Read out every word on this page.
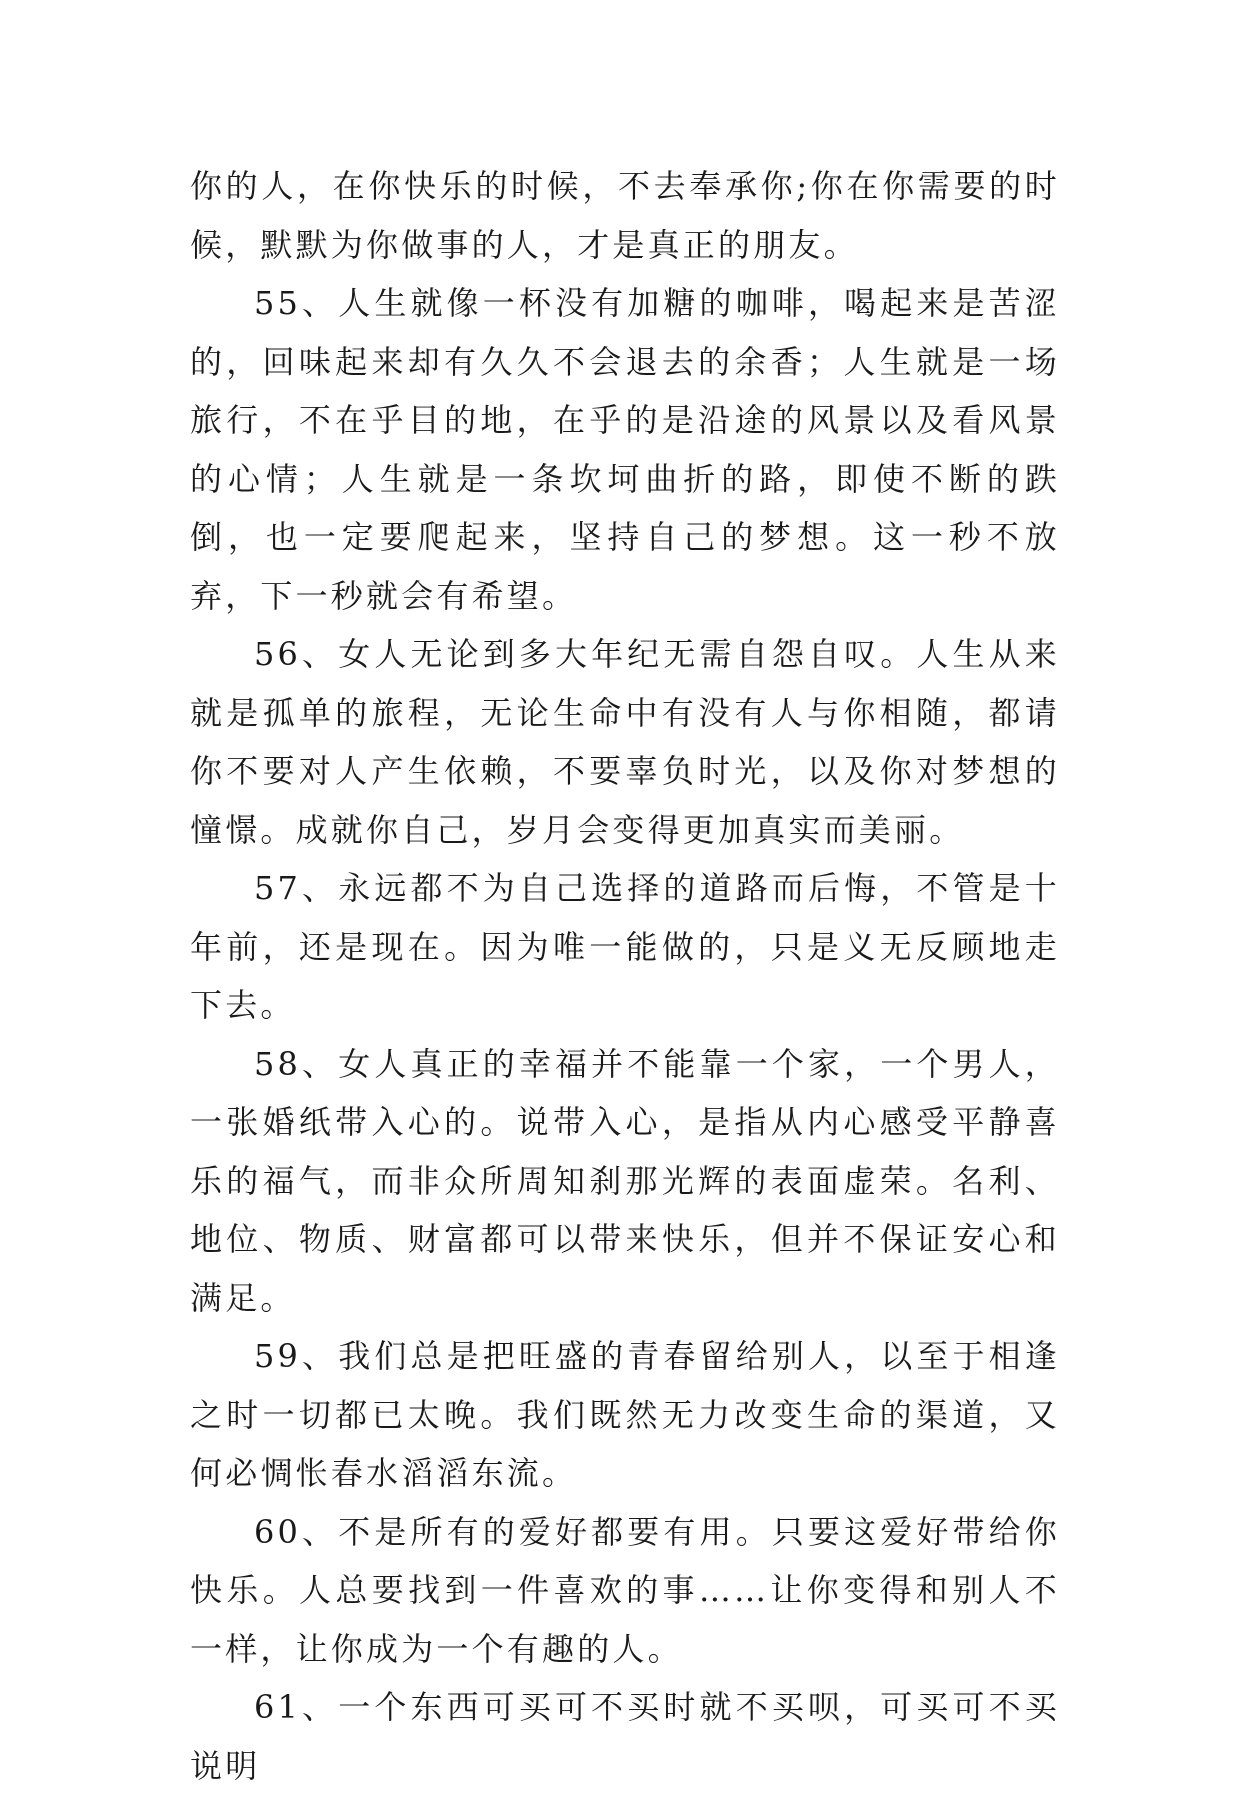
你的人，在你快乐的时候，不去奉承你;你在你需要的时候，默默为你做事的人，才是真正的朋友。

55、人生就像一杯没有加糖的咖啡，喝起来是苦涩的，回味起来却有久久不会退去的余香；人生就是一场旅行，不在乎目的地，在乎的是沿途的风景以及看风景的心情；人生就是一条坎坷曲折的路，即使不断的跌倒，也一定要爬起来，坚持自己的梦想。这一秒不放弃，下一秒就会有希望。

56、女人无论到多大年纪无需自怨自叹。人生从来就是孤单的旅程，无论生命中有没有人与你相随，都请你不要对人产生依赖，不要辜负时光，以及你对梦想的憧憬。成就你自己，岁月会变得更加真实而美丽。

57、永远都不为自己选择的道路而后悔，不管是十年前，还是现在。因为唯一能做的，只是义无反顾地走下去。

58、女人真正的幸福并不能靠一个家，一个男人，一张婚纸带入心的。说带入心，是指从内心感受平静喜乐的福气，而非众所周知刹那光辉的表面虚荣。名利、地位、物质、财富都可以带来快乐，但并不保证安心和满足。

59、我们总是把旺盛的青春留给别人，以至于相逢之时一切都已太晚。我们既然无力改变生命的渠道，又何必惆怅春水滔滔东流。

60、不是所有的爱好都要有用。只要这爱好带给你快乐。人总要找到一件喜欢的事……让你变得和别人不一样，让你成为一个有趣的人。

61、一个东西可买可不买时就不买呗，可买可不买说明
